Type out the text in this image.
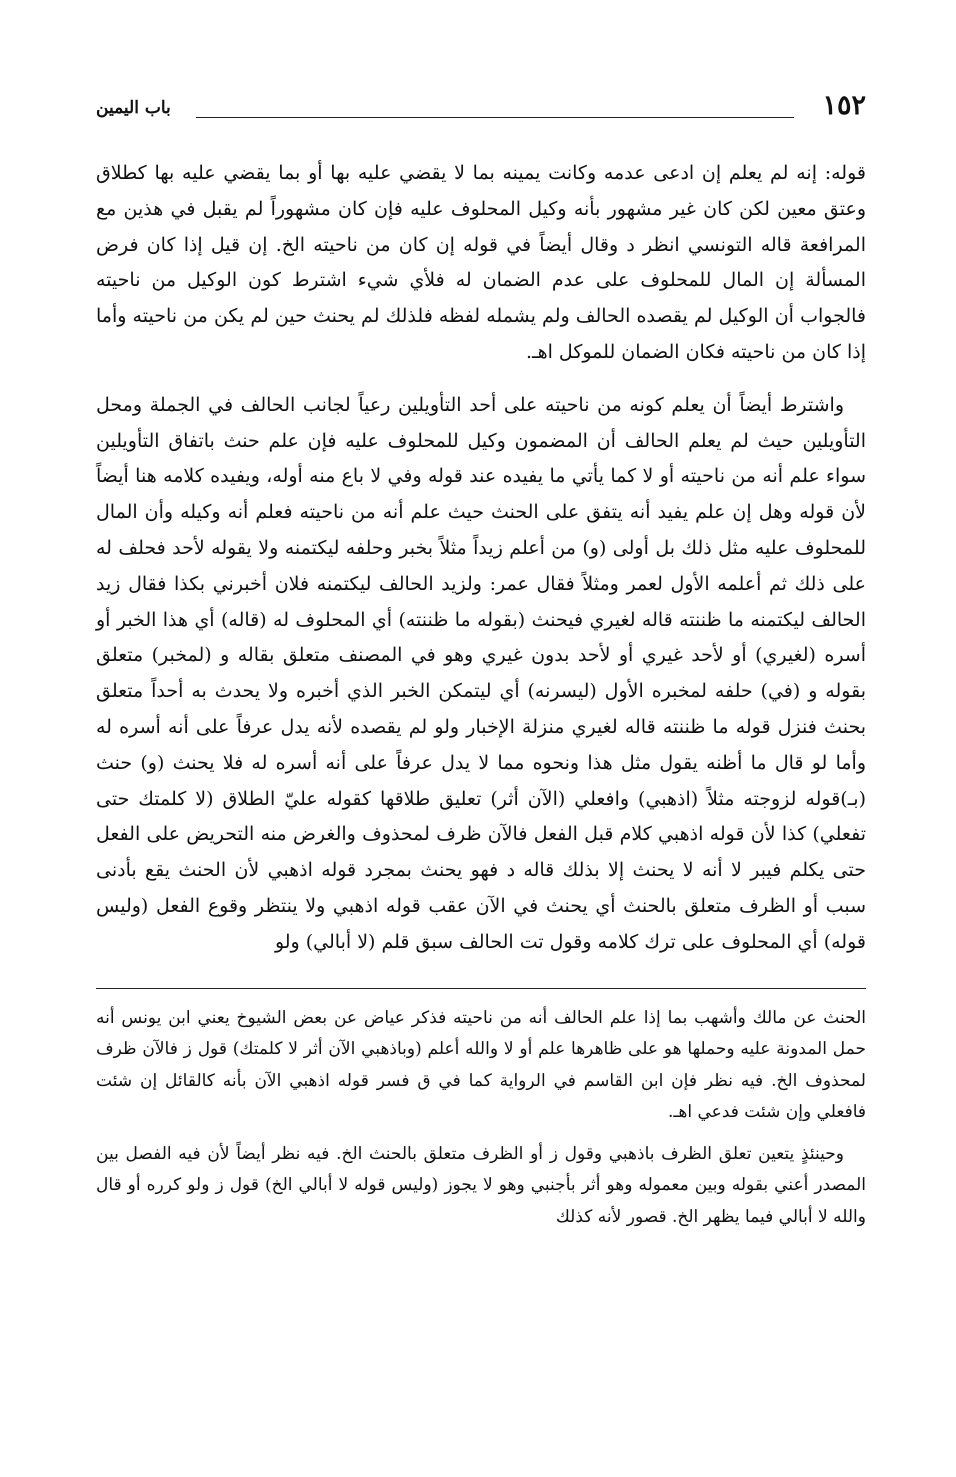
١٥٢
باب اليمين

قوله: إنه لم يعلم إن ادعى عدمه وكانت يمينه بما لا يقضي عليه بها أو بما يقضي عليه بها كطلاق وعتق معين لكن كان غير مشهور بأنه وكيل المحلوف عليه فإن كان مشهوراً لم يقبل في هذين مع المرافعة قاله التونسي انظر د وقال أيضاً في قوله إن كان من ناحيته الخ. إن قيل إذا كان فرض المسألة إن المال للمحلوف على عدم الضمان له فلأي شيء اشترط كون الوكيل من ناحيته فالجواب أن الوكيل لم يقصده الحالف ولم يشمله لفظه فلذلك لم يحنث حين لم يكن من ناحيته وأما إذا كان من ناحيته فكان الضمان للموكل اهـ.

واشترط أيضاً أن يعلم كونه من ناحيته على أحد التأويلين رعياً لجانب الحالف في الجملة ومحل التأويلين حيث لم يعلم الحالف أن المضمون وكيل للمحلوف عليه فإن علم حنث باتفاق التأويلين سواء علم أنه من ناحيته أو لا كما يأتي ما يفيده عند قوله وفي لا باع منه أوله، ويفيده كلامه هنا أيضاً لأن قوله وهل إن علم يفيد أنه يتفق على الحنث حيث علم أنه من ناحيته فعلم أنه وكيله وأن المال للمحلوف عليه مثل ذلك بل أولى (و) من أعلم زيداً مثلاً بخبر وحلفه ليكتمنه ولا يقوله لأحد فحلف له على ذلك ثم أعلمه الأول لعمر ومثلاً فقال عمر: ولزيد الحالف ليكتمنه فلان أخبرني بكذا فقال زيد الحالف ليكتمنه ما ظننته قاله لغيري فيحنث (بقوله ما ظننته) أي المحلوف له (قاله) أي هذا الخبر أو أسره (لغيري) أو لأحد غيري أو لأحد بدون غيري وهو في المصنف متعلق بقاله و (لمخبر) متعلق بقوله و (في) حلفه لمخبره الأول (ليسرنه) أي ليتمكن الخبر الذي أخبره ولا يحدث به أحداً متعلق بحنث فنزل قوله ما ظننته قاله لغيري منزلة الإخبار ولو لم يقصده لأنه يدل عرفاً على أنه أسره له وأما لو قال ما أظنه يقول مثل هذا ونحوه مما لا يدل عرفاً على أنه أسره له فلا يحنث (و) حنث (بـ)قوله لزوجته مثلاً (اذهبي) وافعلي (الآن أثر) تعليق طلاقها كقوله عليّ الطلاق (لا كلمتك حتى تفعلي) كذا لأن قوله اذهبي كلام قبل الفعل فالآن ظرف لمحذوف والغرض منه التحريض على الفعل حتى يكلم فيبر لا أنه لا يحنث إلا بذلك قاله د فهو يحنث بمجرد قوله اذهبي لأن الحنث يقع بأدنى سبب أو الظرف متعلق بالحنث أي يحنث في الآن عقب قوله اذهبي ولا ينتظر وقوع الفعل (وليس قوله) أي المحلوف على ترك كلامه وقول تت الحالف سبق قلم (لا أبالي) ولو

الحنث عن مالك وأشهب بما إذا علم الحالف أنه من ناحيته فذكر عياض عن بعض الشيوخ يعني ابن يونس أنه حمل المدونة عليه وحملها هو على ظاهرها علم أو لا والله أعلم (وباذهبي الآن أثر لا كلمتك) قول ز فالآن ظرف لمحذوف الخ. فيه نظر فإن ابن القاسم في الرواية كما في ق فسر قوله اذهبي الآن بأنه كالقائل إن شئت فافعلي وإن شئت فدعي اهـ.

وحينئذٍ يتعين تعلق الظرف باذهبي وقول ز أو الظرف متعلق بالحنث الخ. فيه نظر أيضاً لأن فيه الفصل بين المصدر أعني بقوله وبين معموله وهو أثر بأجنبي وهو لا يجوز (وليس قوله لا أبالي الخ) قول ز ولو كرره أو قال والله لا أبالي فيما يظهر الخ. قصور لأنه كذلك
